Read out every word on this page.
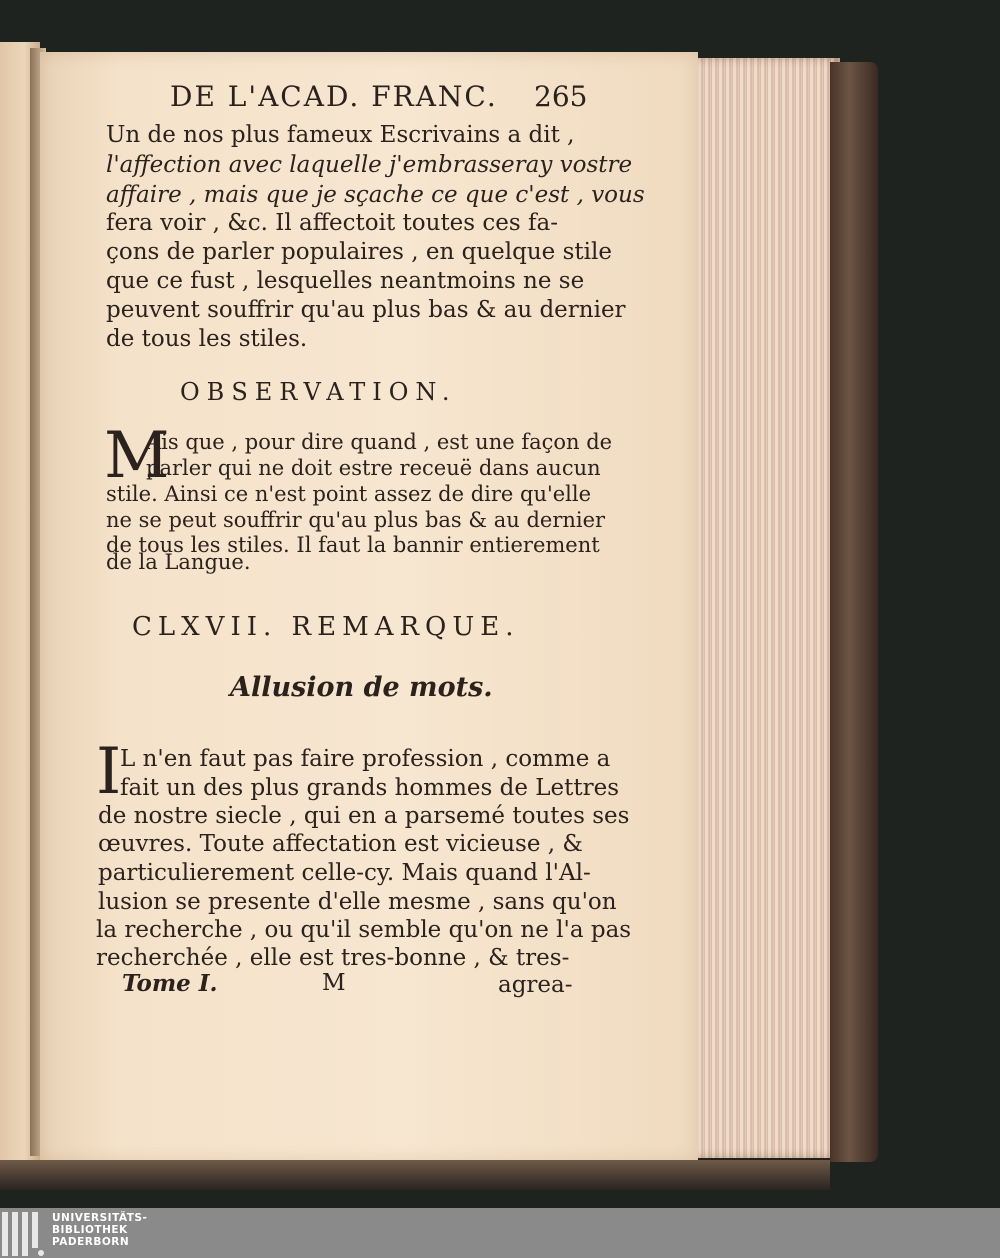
DE L'ACAD. FRANC. 265
Un de nos plus fameux Escrivains a dit ,
l'affection avec laquelle j'embrasseray vostre
affaire , mais que je sçache ce que c'est , vous
fera voir , &c. Il affectoit toutes ces fa-
çons de parler populaires , en quelque stile
que ce fust , lesquelles neantmoins ne se
peuvent souffrir qu'au plus bas & au dernier
de tous les stiles.
OBSERVATION.
M
Ais que , pour dire quand , est une façon de
parler qui ne doit estre receuë dans aucun
stile. Ainsi ce n'est point assez de dire qu'elle
ne se peut souffrir qu'au plus bas & au dernier
de tous les stiles. Il faut la bannir entierement
de la Langue.
CLXVII. REMARQUE.
Allusion de mots.
I
L n'en faut pas faire profession , comme a
fait un des plus grands hommes de Lettres
de nostre siecle , qui en a parsemé toutes ses
œuvres. Toute affectation est vicieuse , &
particulierement celle-cy. Mais quand l'Al-
lusion se presente d'elle mesme , sans qu'on
la recherche , ou qu'il semble qu'on ne l'a pas
recherchée , elle est tres-bonne , & tres-
Tome I.	M	agrea-
UNIVERSITÄTS-
BIBLIOTHEK
PADERBORN
